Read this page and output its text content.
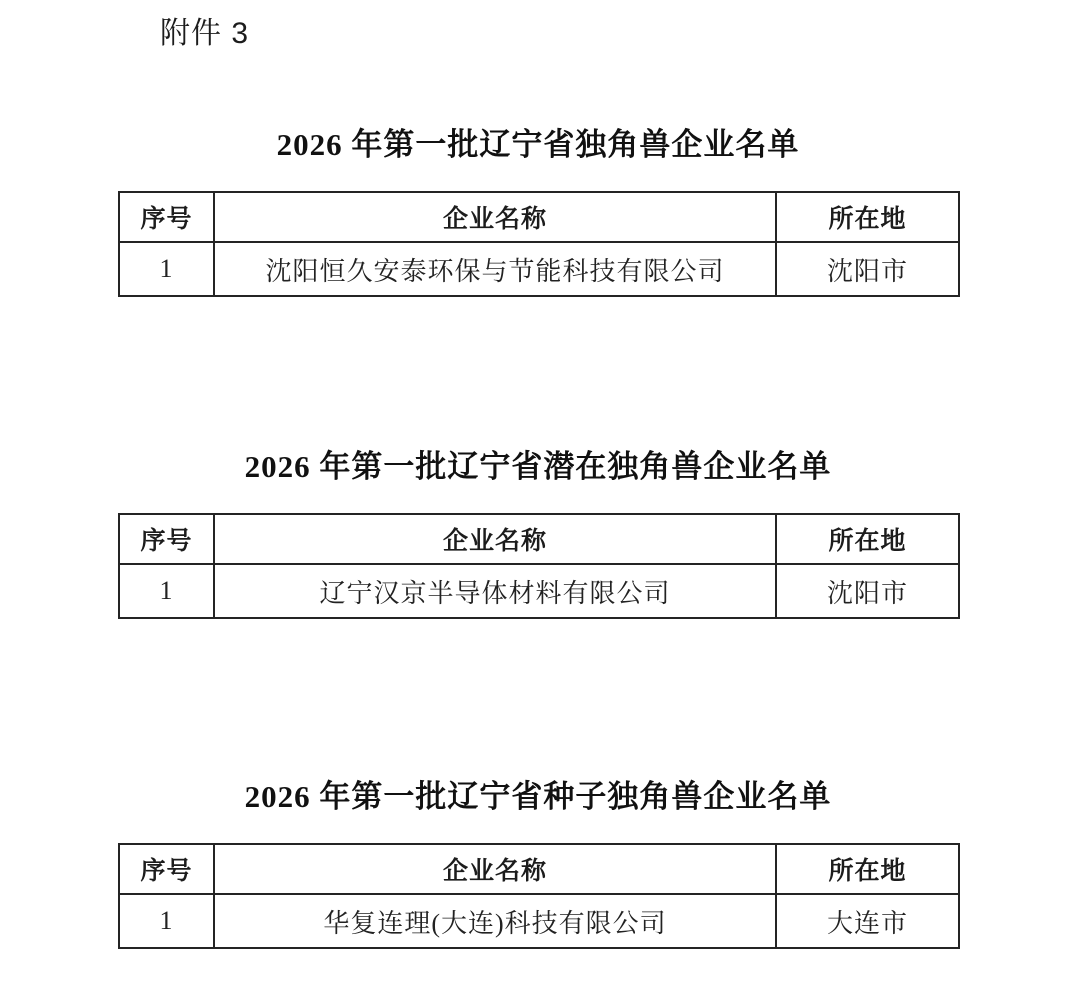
附件 3
2026 年第一批辽宁省独角兽企业名单
序号	企业名称	所在地
1	沈阳恒久安泰环保与节能科技有限公司	沈阳市
2026 年第一批辽宁省潜在独角兽企业名单
序号	企业名称	所在地
1	辽宁汉京半导体材料有限公司	沈阳市
2026 年第一批辽宁省种子独角兽企业名单
序号	企业名称	所在地
1	华复连理(大连)科技有限公司	大连市
